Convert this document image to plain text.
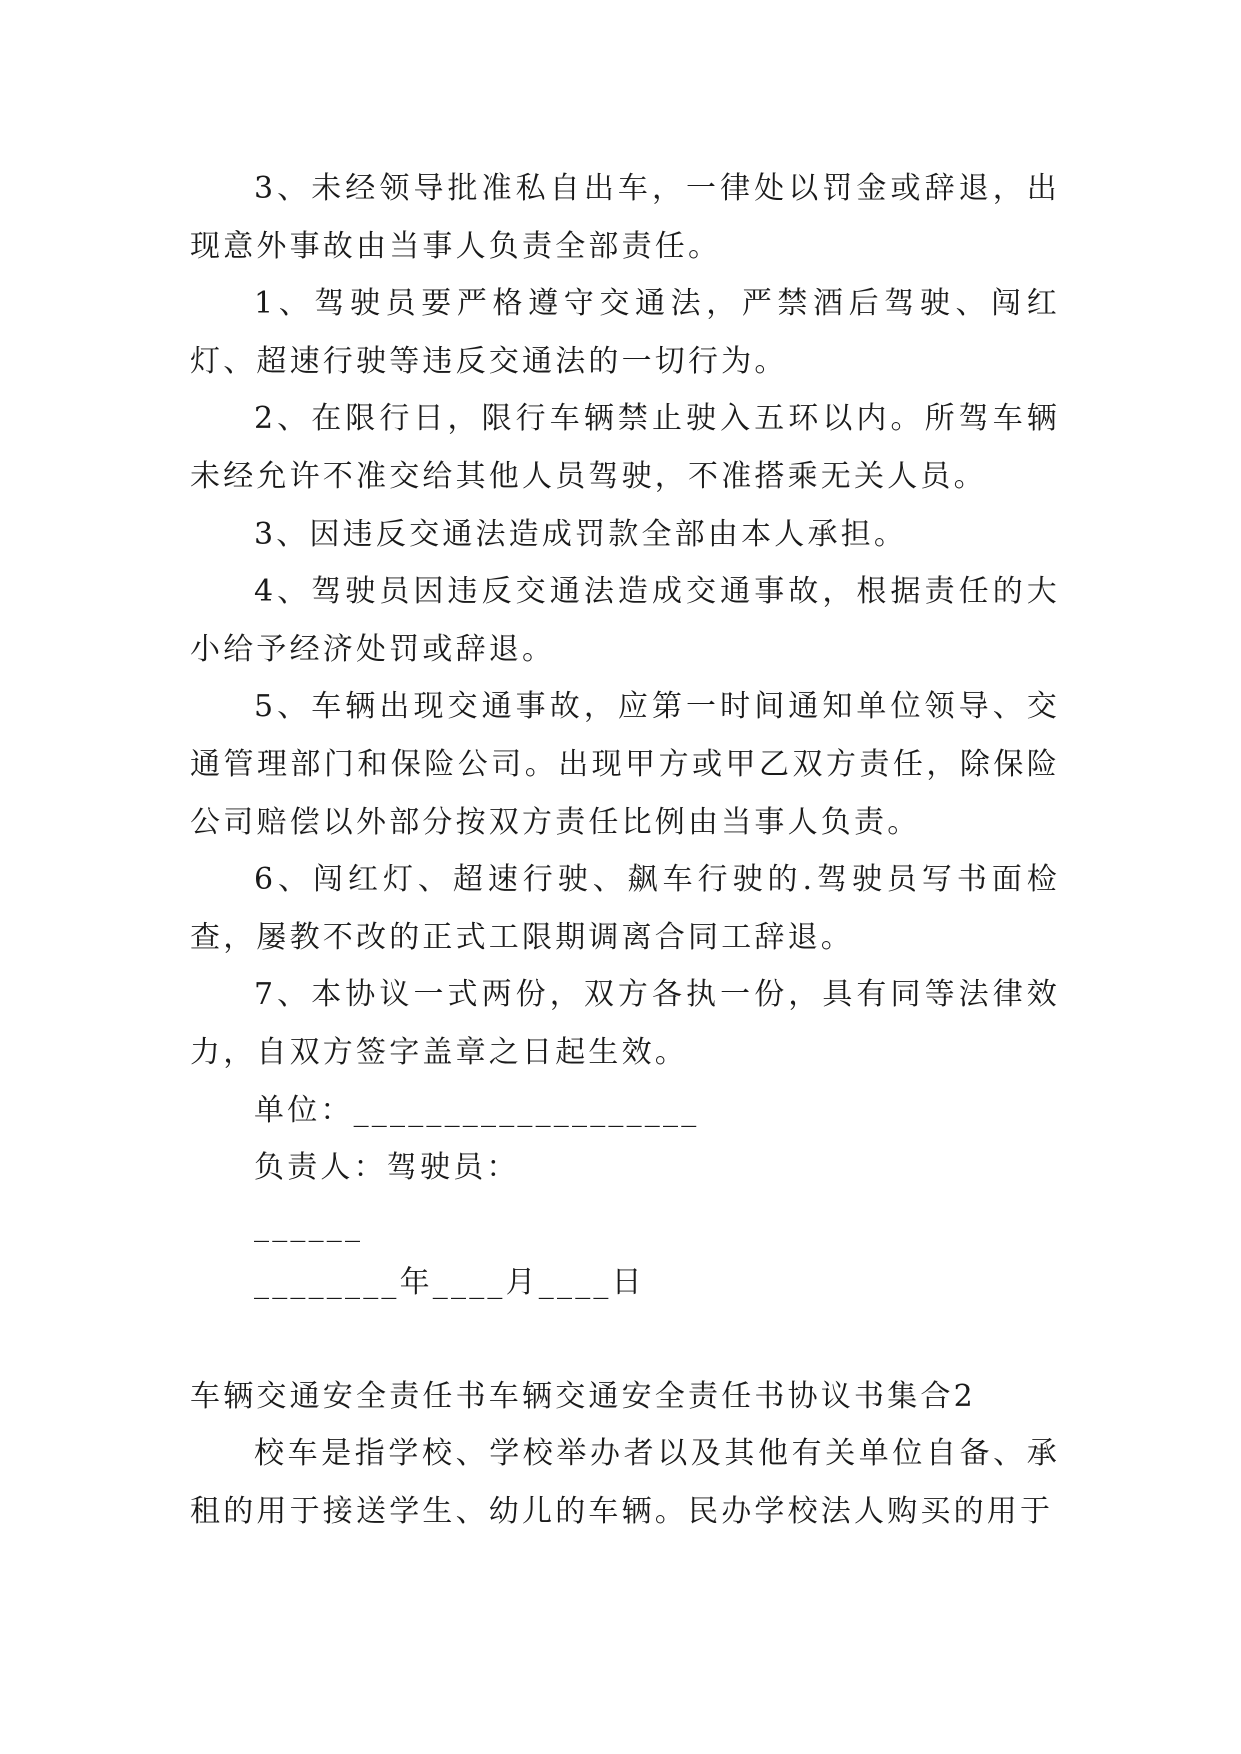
3、未经领导批准私自出车，一律处以罚金或辞退，出现意外事故由当事人负责全部责任。

1、驾驶员要严格遵守交通法，严禁酒后驾驶、闯红灯、超速行驶等违反交通法的一切行为。

2、在限行日，限行车辆禁止驶入五环以内。所驾车辆未经允许不准交给其他人员驾驶，不准搭乘无关人员。

3、因违反交通法造成罚款全部由本人承担。

4、驾驶员因违反交通法造成交通事故，根据责任的大小给予经济处罚或辞退。

5、车辆出现交通事故，应第一时间通知单位领导、交通管理部门和保险公司。出现甲方或甲乙双方责任，除保险公司赔偿以外部分按双方责任比例由当事人负责。

6、闯红灯、超速行驶、飙车行驶的.驾驶员写书面检查，屡教不改的正式工限期调离合同工辞退。

7、本协议一式两份，双方各执一份，具有同等法律效力，自双方签字盖章之日起生效。

单位：___________________

负责人：驾驶员：

______

________年____月____日

车辆交通安全责任书车辆交通安全责任书协议书集合2

校车是指学校、学校举办者以及其他有关单位自备、承租的用于接送学生、幼儿的车辆。民办学校法人购买的用于
